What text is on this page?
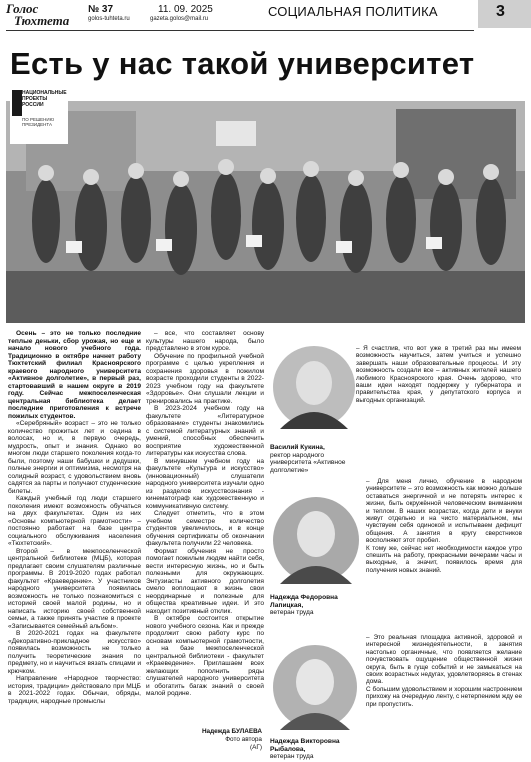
Голос
Тюхтета
№ 37
golos-tuhteta.ru
11. 09. 2025
gazeta.golos@mail.ru	СОЦИАЛЬНАЯ ПОЛИТИКА	3
Есть у нас такой университет
НАЦИОНАЛЬНЫЕ
ПРОЕКТЫ
РОССИИ
ПО РЕШЕНИЮ
ПРЕЗИДЕНТА

Осень – это не только последние теплые деньки, сбор урожая, но еще и начало нового учебного года. Традиционно в октябре начнет работу Тюхтетский филиал Красноярского краевого народного университета «Активное долголетие», в первый раз, стартовавший в нашем округе в 2019 году. Сейчас межпоселенческая центральная библиотека делает последние приготовления к встрече пожилых студентов.

«Серебряный» возраст – это не только количество прожитых лет и седина в волосах, но и, в первую очередь, мудрость, опыт и знания. Однако во многом люди старшего поколения когда-то были, поэтому наши бабушки и дедушки, полные энергии и оптимизма, несмотря на солидный возраст, с удовольствием вновь садятся за парты и получают студенческие билеты.

Каждый учебный год люди старшего поколения имеют возможность обучаться на двух факультетах. Один из них «Основы компьютерной грамотности» – постоянно работает на базе центра социального обслуживания населения «Тюхтетский».

Второй – в межпоселенческой центральной библиотеке (МЦБ), которая предлагает своим слушателям различные программы. В 2019-2020 годах работал факультет «Краеведение». У участников народного университета появилась возможность не только познакомиться с историей своей малой родины, но и написать историю своей собственной семьи, а также принять участие в проекте «Записывается семейный альбом».

В 2020-2021 годах на факультете «Декоративно-прикладное искусство» появилась возможность не только получить теоретические знания по предмету, но и научиться вязать спицами и крючком.

Направление «Народное творчество: история, традиции» действовало при МЦБ в 2021-2022 годах. Обычаи, обряды, традиции, народные промыслы

– все, что составляет основу культуры нашего народа, было представлено в этом курсе.

Обучение по профильной учебной программе с целью укрепления и сохранения здоровья в пожилом возрасте проходили студенты в 2022-2023 учебном году на факультете «Здоровье». Они слушали лекции и тренировались на практике.

В 2023-2024 учебном году на факультете «Литературное образование» студенты знакомились с системой литературных знаний и умений, способных обеспечить восприятие художественной литературы как искусства слова.

В минувшем учебном году на факультете «Культура и искусство» (инновационный) слушатели народного университета изучали одно из разделов искусствознания - кинематограф как художественную и коммуникативную систему.

Следует отметить, что в этом учебном семестре количество студентов увеличилось, и в конце обучения сертификаты об окончании факультета получили 22 человека.

Формат обучения не просто помогает пожилым людям найти себя, вести интересную жизнь, но и быть полезными для окружающих. Энтузиасты активного долголетия смело воплощают в жизнь свои неординарные и полезные для общества креативные идеи. И это находит позитивный отклик.

В октябре состоится открытие нового учебного сезона. Как и прежде продолжит свою работу курс по основам компьютерной грамотности, а на базе межпоселенческой центральной библиотеки - факультет «Краеведение». Приглашаем всех желающих пополнить ряды слушателей народного университета и обогатить багаж знаний о своей малой родине.

Надежда БУЛАЕВА
Фото автора
(АГ)
Василий Кукина,
ректор народного университета «Активное долголетие»
– Я счастлив, что вот уже в третий раз мы имеем возможность научиться, затем учиться и успешно завершать наши образовательные процессы. И эту возможность создали все – активных жителей нашего любимого Красноярского края. Очень здорово, что ваши идеи находят поддержку у губернатора и правительства края, у депутатского корпуса и выгодных организаций.
Надежда Федоровна Лапицкая,
ветеран труда
– Для меня лично, обучение в народном университете – это возможность как можно дольше оставаться энергичной и не потерять интерес к жизни, быть окружённой человеческим вниманием и теплом. В наших возрастах, когда дети и внуки живут отдельно и на чисто материальном, мы чувствуем себя одинокой и испытываем дефицит общения. А занятия в кругу сверстников восполняют этот пробел.
К тому же, сейчас нет необходимости каждое утро спешить на работу, прекрасными вечерами часы и выходные, а значит, появилось время для получения новых знаний.
Надежда Викторовна Рыбалова,
ветеран труда
– Это реальная площадка активной, здоровой и интересной жизнедеятельности, в занятия настолько органичные, что появляется желание почувствовать ощущение общественной жизни округа, быть в гуще событий и не замыкаться на своих возрастных недугах, удовлетворяясь в стенах дома.
С большим удовольствием и хорошим настроением прихожу на очередную ленту, с нетерпением жду ее при пропустить.
